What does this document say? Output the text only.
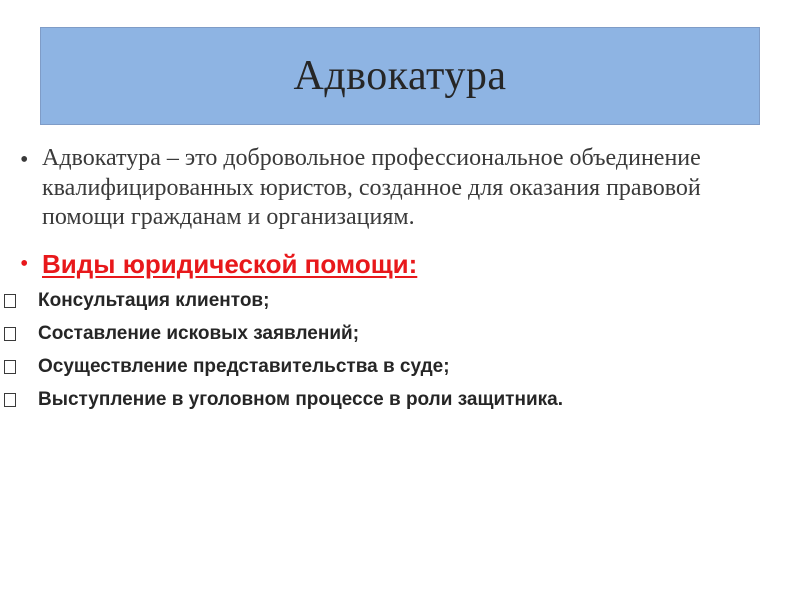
Адвокатура
• Адвокатура – это добровольное профессиональное объединение квалифицированных юристов, созданное для оказания правовой помощи гражданам и организациям.
• Виды юридической помощи:
Консультация клиентов;
Составление исковых заявлений;
Осуществление представительства в суде;
Выступление в уголовном процессе в роли защитника.
